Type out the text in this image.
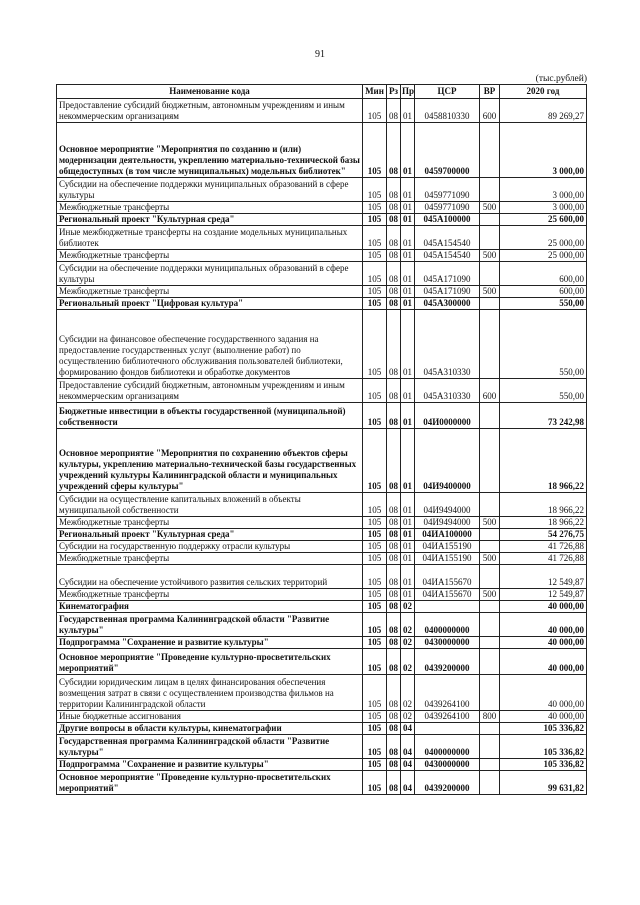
91
(тыс.рублей)
Наименование кода	Мин	Рз	Пр	ЦСР	ВР	2020 год
Предоставление субсидий бюджетным, автономным учреждениям и иным некоммерческим организациям	105	08	01	0458810330	600	89 269,27
Основное мероприятие "Мероприятия по созданию и (или) модернизации деятельности, укреплению материально-технической базы общедоступных (в том числе муниципальных) модельных библиотек"	105	08	01	0459700000		3 000,00
Субсидии на обеспечение поддержки муниципальных образований в сфере культуры	105	08	01	0459771090		3 000,00
Межбюджетные трансферты	105	08	01	0459771090	500	3 000,00
Региональный проект "Культурная среда"	105	08	01	045A100000		25 600,00
Иные межбюджетные трансферты на создание модельных муниципальных библиотек	105	08	01	045A154540		25 000,00
Межбюджетные трансферты	105	08	01	045A154540	500	25 000,00
Субсидии на обеспечение поддержки муниципальных образований в сфере культуры	105	08	01	045A171090		600,00
Межбюджетные трансферты	105	08	01	045A171090	500	600,00
Региональный проект "Цифровая культура"	105	08	01	045A300000		550,00
Субсидии на финансовое обеспечение государственного задания на предоставление государственных услуг (выполнение работ) по осуществлению библиотечного обслуживания пользователей библиотеки, формированию фондов библиотеки и обработке документов	105	08	01	045A310330		550,00
Предоставление субсидий бюджетным, автономным учреждениям и иным некоммерческим организациям	105	08	01	045A310330	600	550,00
Бюджетные инвестиции в объекты государственной (муниципальной) собственности	105	08	01	04И0000000		73 242,98
Основное мероприятие "Мероприятия по сохранению объектов сферы культуры, укреплению материально-технической базы государственных учреждений культуры Калининградской области и муниципальных учреждений сферы культуры"	105	08	01	04И9400000		18 966,22
Субсидии на осуществление капитальных вложений в объекты муниципальной собственности	105	08	01	04И9494000		18 966,22
Межбюджетные трансферты	105	08	01	04И9494000	500	18 966,22
Региональный проект "Культурная среда"	105	08	01	04ИА100000		54 276,75
Субсидии на государственную поддержку отрасли культуры	105	08	01	04ИА155190		41 726,88
Межбюджетные трансферты	105	08	01	04ИА155190	500	41 726,88
Субсидии на обеспечение устойчивого развития сельских территорий	105	08	01	04ИА155670		12 549,87
Межбюджетные трансферты	105	08	01	04ИА155670	500	12 549,87
Кинематография	105	08	02			40 000,00
Государственная программа Калининградской области "Развитие культуры"	105	08	02	0400000000		40 000,00
Подпрограмма "Сохранение и развитие культуры"	105	08	02	0430000000		40 000,00
Основное мероприятие "Проведение культурно-просветительских мероприятий"	105	08	02	0439200000		40 000,00
Субсидии юридическим лицам в целях финансирования обеспечения возмещения затрат в связи с осуществлением производства фильмов на территории Калининградской области	105	08	02	0439264100		40 000,00
Иные бюджетные ассигнования	105	08	02	0439264100	800	40 000,00
Другие вопросы в области культуры, кинематографии	105	08	04			105 336,82
Государственная программа Калининградской области "Развитие культуры"	105	08	04	0400000000		105 336,82
Подпрограмма "Сохранение и развитие культуры"	105	08	04	0430000000		105 336,82
Основное мероприятие "Проведение культурно-просветительских мероприятий"	105	08	04	0439200000		99 631,82
